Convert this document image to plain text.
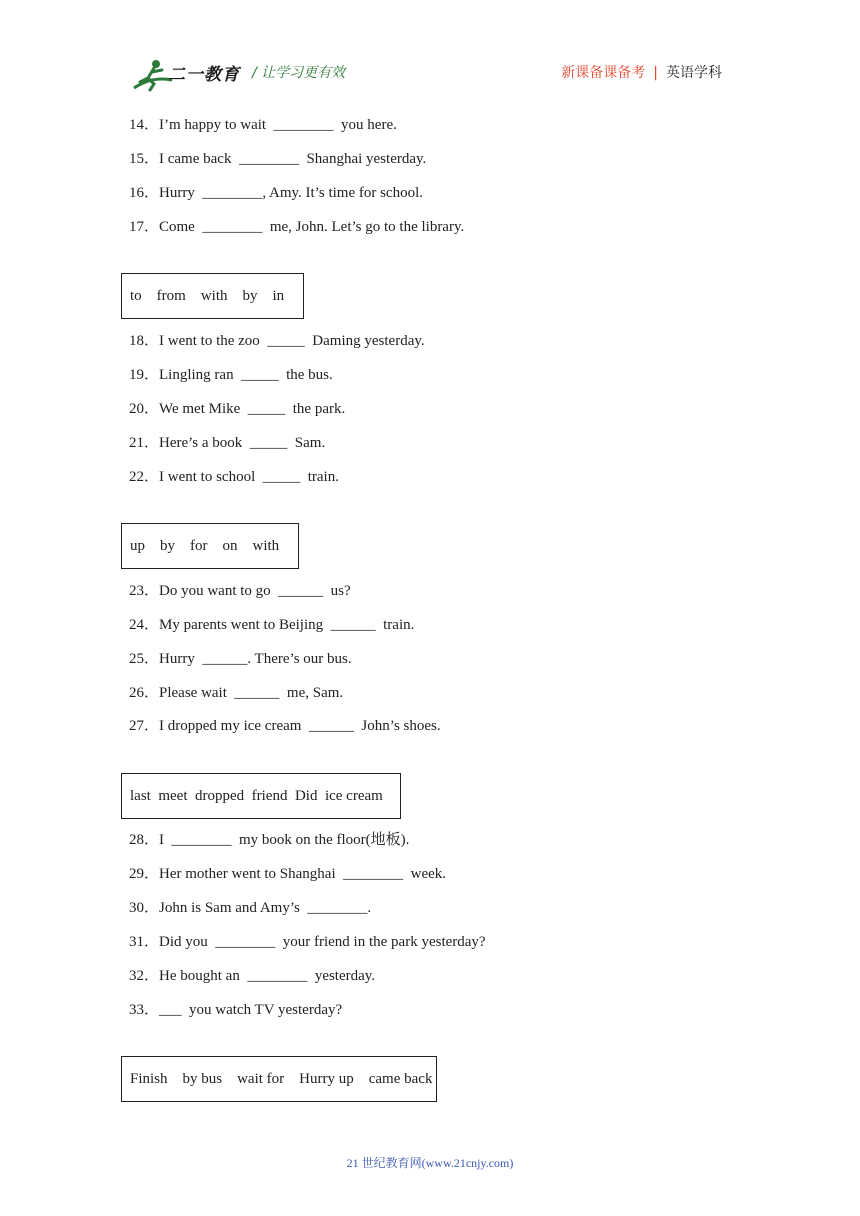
二一教育 / 让学习更有效	新课备课备考 | 英语学科
14．I’m happy to wait  ________  you here.
15．I came back  ________  Shanghai yesterday.
16．Hurry  ________, Amy. It’s time for school.
17．Come  ________  me, John. Let’s go to the library.
to    from    with    by    in
18．I went to the zoo  _____  Daming yesterday.
19．Lingling ran  _____  the bus.
20．We met Mike  _____  the park.
21．Here’s a book  _____  Sam.
22．I went to school  _____  train.
up    by    for    on    with
23．Do you want to go  ______  us?
24．My parents went to Beijing  ______  train.
25．Hurry  ______. There’s our bus.
26．Please wait  ______  me, Sam.
27．I dropped my ice cream  ______  John’s shoes.
last  meet  dropped  friend  Did  ice cream
28．I  ________  my book on the floor(地板).
29．Her mother went to Shanghai  ________  week.
30．John is Sam and Amy’s  ________.
31．Did you  ________  your friend in the park yesterday?
32．He bought an  ________  yesterday.
33．___  you watch TV yesterday?
Finish    by bus    wait for    Hurry up    came back
21 世纪教育网(www.21cnjy.com)
